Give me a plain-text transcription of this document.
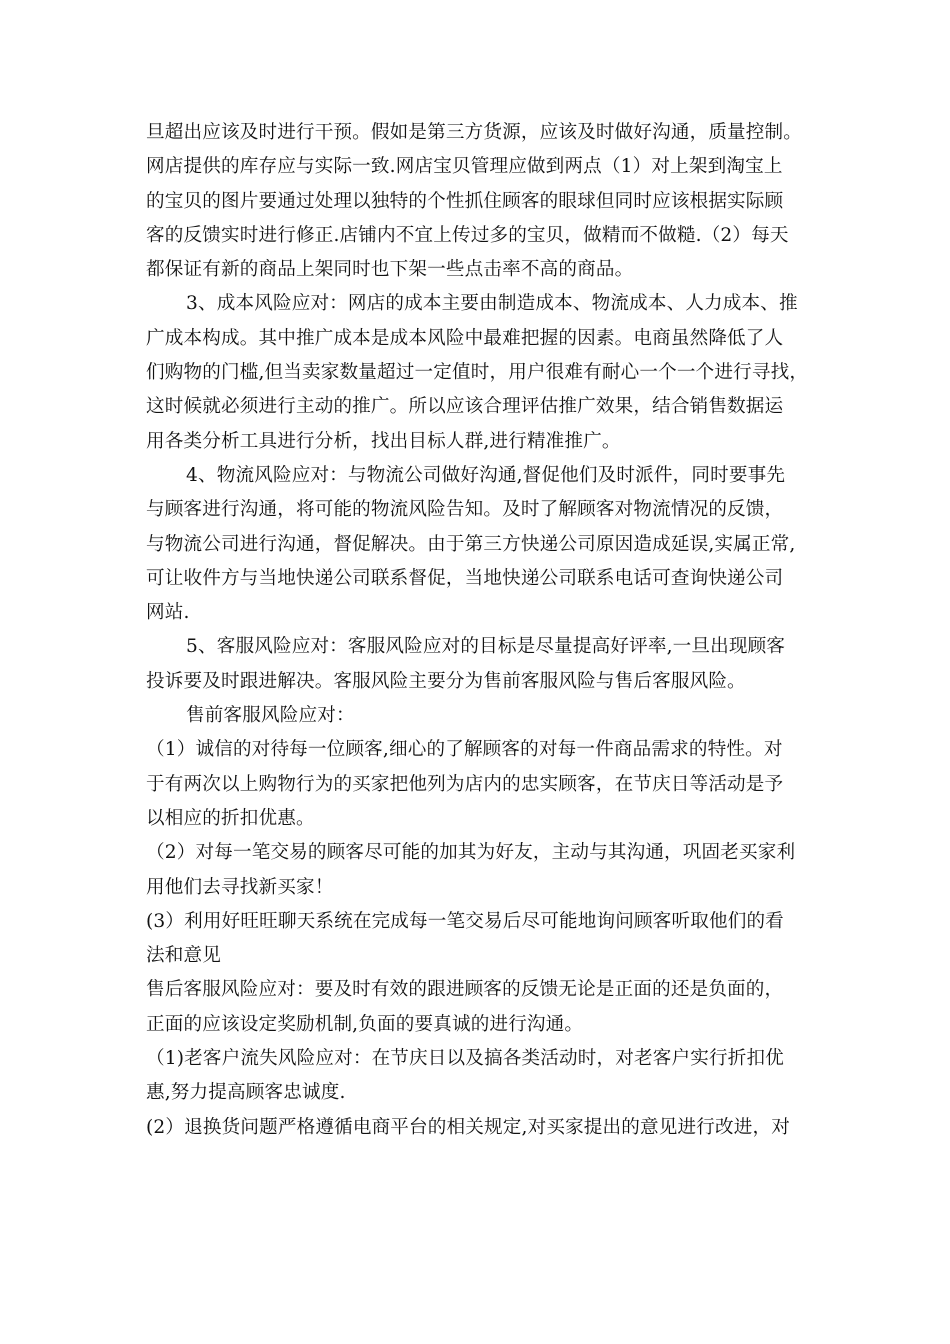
旦超出应该及时进行干预。假如是第三方货源，应该及时做好沟通，质量控制。
网店提供的库存应与实际一致.网店宝贝管理应做到两点（1）对上架到淘宝上
的宝贝的图片要通过处理以独特的个性抓住顾客的眼球但同时应该根据实际顾
客的反馈实时进行修正.店铺内不宜上传过多的宝贝，做精而不做糙.（2）每天
都保证有新的商品上架同时也下架一些点击率不高的商品。
3、成本风险应对：网店的成本主要由制造成本、物流成本、人力成本、推
广成本构成。其中推广成本是成本风险中最难把握的因素。电商虽然降低了人
们购物的门槛,但当卖家数量超过一定值时，用户很难有耐心一个一个进行寻找，
这时候就必须进行主动的推广。所以应该合理评估推广效果，结合销售数据运
用各类分析工具进行分析，找出目标人群,进行精准推广。
4、物流风险应对：与物流公司做好沟通,督促他们及时派件，同时要事先
与顾客进行沟通，将可能的物流风险告知。及时了解顾客对物流情况的反馈，
与物流公司进行沟通，督促解决。由于第三方快递公司原因造成延误,实属正常,
可让收件方与当地快递公司联系督促，当地快递公司联系电话可查询快递公司
网站.
5、客服风险应对：客服风险应对的目标是尽量提高好评率,一旦出现顾客
投诉要及时跟进解决。客服风险主要分为售前客服风险与售后客服风险。
售前客服风险应对：
（1）诚信的对待每一位顾客,细心的了解顾客的对每一件商品需求的特性。对
于有两次以上购物行为的买家把他列为店内的忠实顾客，在节庆日等活动是予
以相应的折扣优惠。
（2）对每一笔交易的顾客尽可能的加其为好友，主动与其沟通，巩固老买家利
用他们去寻找新买家！
(3）利用好旺旺聊天系统在完成每一笔交易后尽可能地询问顾客听取他们的看
法和意见
售后客服风险应对：要及时有效的跟进顾客的反馈无论是正面的还是负面的，
正面的应该设定奖励机制,负面的要真诚的进行沟通。
（1)老客户流失风险应对：在节庆日以及搞各类活动时，对老客户实行折扣优
惠,努力提高顾客忠诚度.
(2）退换货问题严格遵循电商平台的相关规定,对买家提出的意见进行改进，对
